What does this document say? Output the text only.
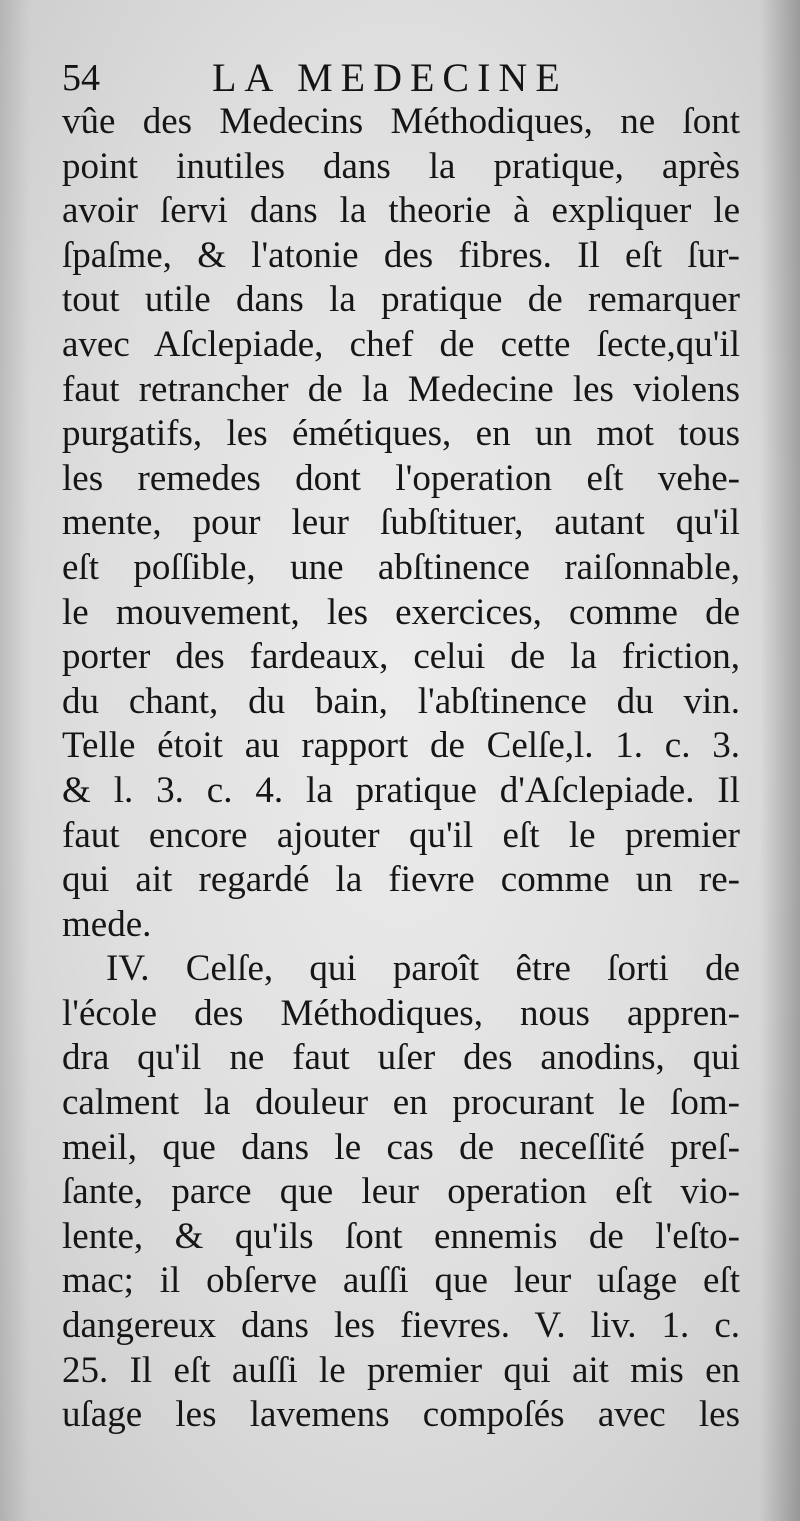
54	LA MEDECINE
vûe des Medecins Méthodiques, ne ſont
point inutiles dans la pratique, après
avoir ſervi dans la theorie à expliquer le
ſpaſme, & l'atonie des fibres. Il eſt ſur-
tout utile dans la pratique de remarquer
avec Aſclepiade, chef de cette ſecte,qu'il
faut retrancher de la Medecine les violens
purgatifs, les émétiques, en un mot tous
les remedes dont l'operation eſt vehe-
mente, pour leur ſubſtituer, autant qu'il
eſt poſſible, une abſtinence raiſonnable,
le mouvement, les exercices, comme de
porter des fardeaux, celui de la friction,
du chant, du bain, l'abſtinence du vin.
Telle étoit au rapport de Celſe,l. 1. c. 3.
& l. 3. c. 4. la pratique d'Aſclepiade. Il
faut encore ajouter qu'il eſt le premier
qui ait regardé la fievre comme un re-
mede.
IV. Celſe, qui paroît être ſorti de
l'école des Méthodiques, nous appren-
dra qu'il ne faut uſer des anodins, qui
calment la douleur en procurant le ſom-
meil, que dans le cas de neceſſité preſ-
ſante, parce que leur operation eſt vio-
lente, & qu'ils ſont ennemis de l'eſto-
mac; il obſerve auſſi que leur uſage eſt
dangereux dans les fievres. V. liv. 1. c.
25. Il eſt auſſi le premier qui ait mis en
uſage les lavemens compoſés avec les
